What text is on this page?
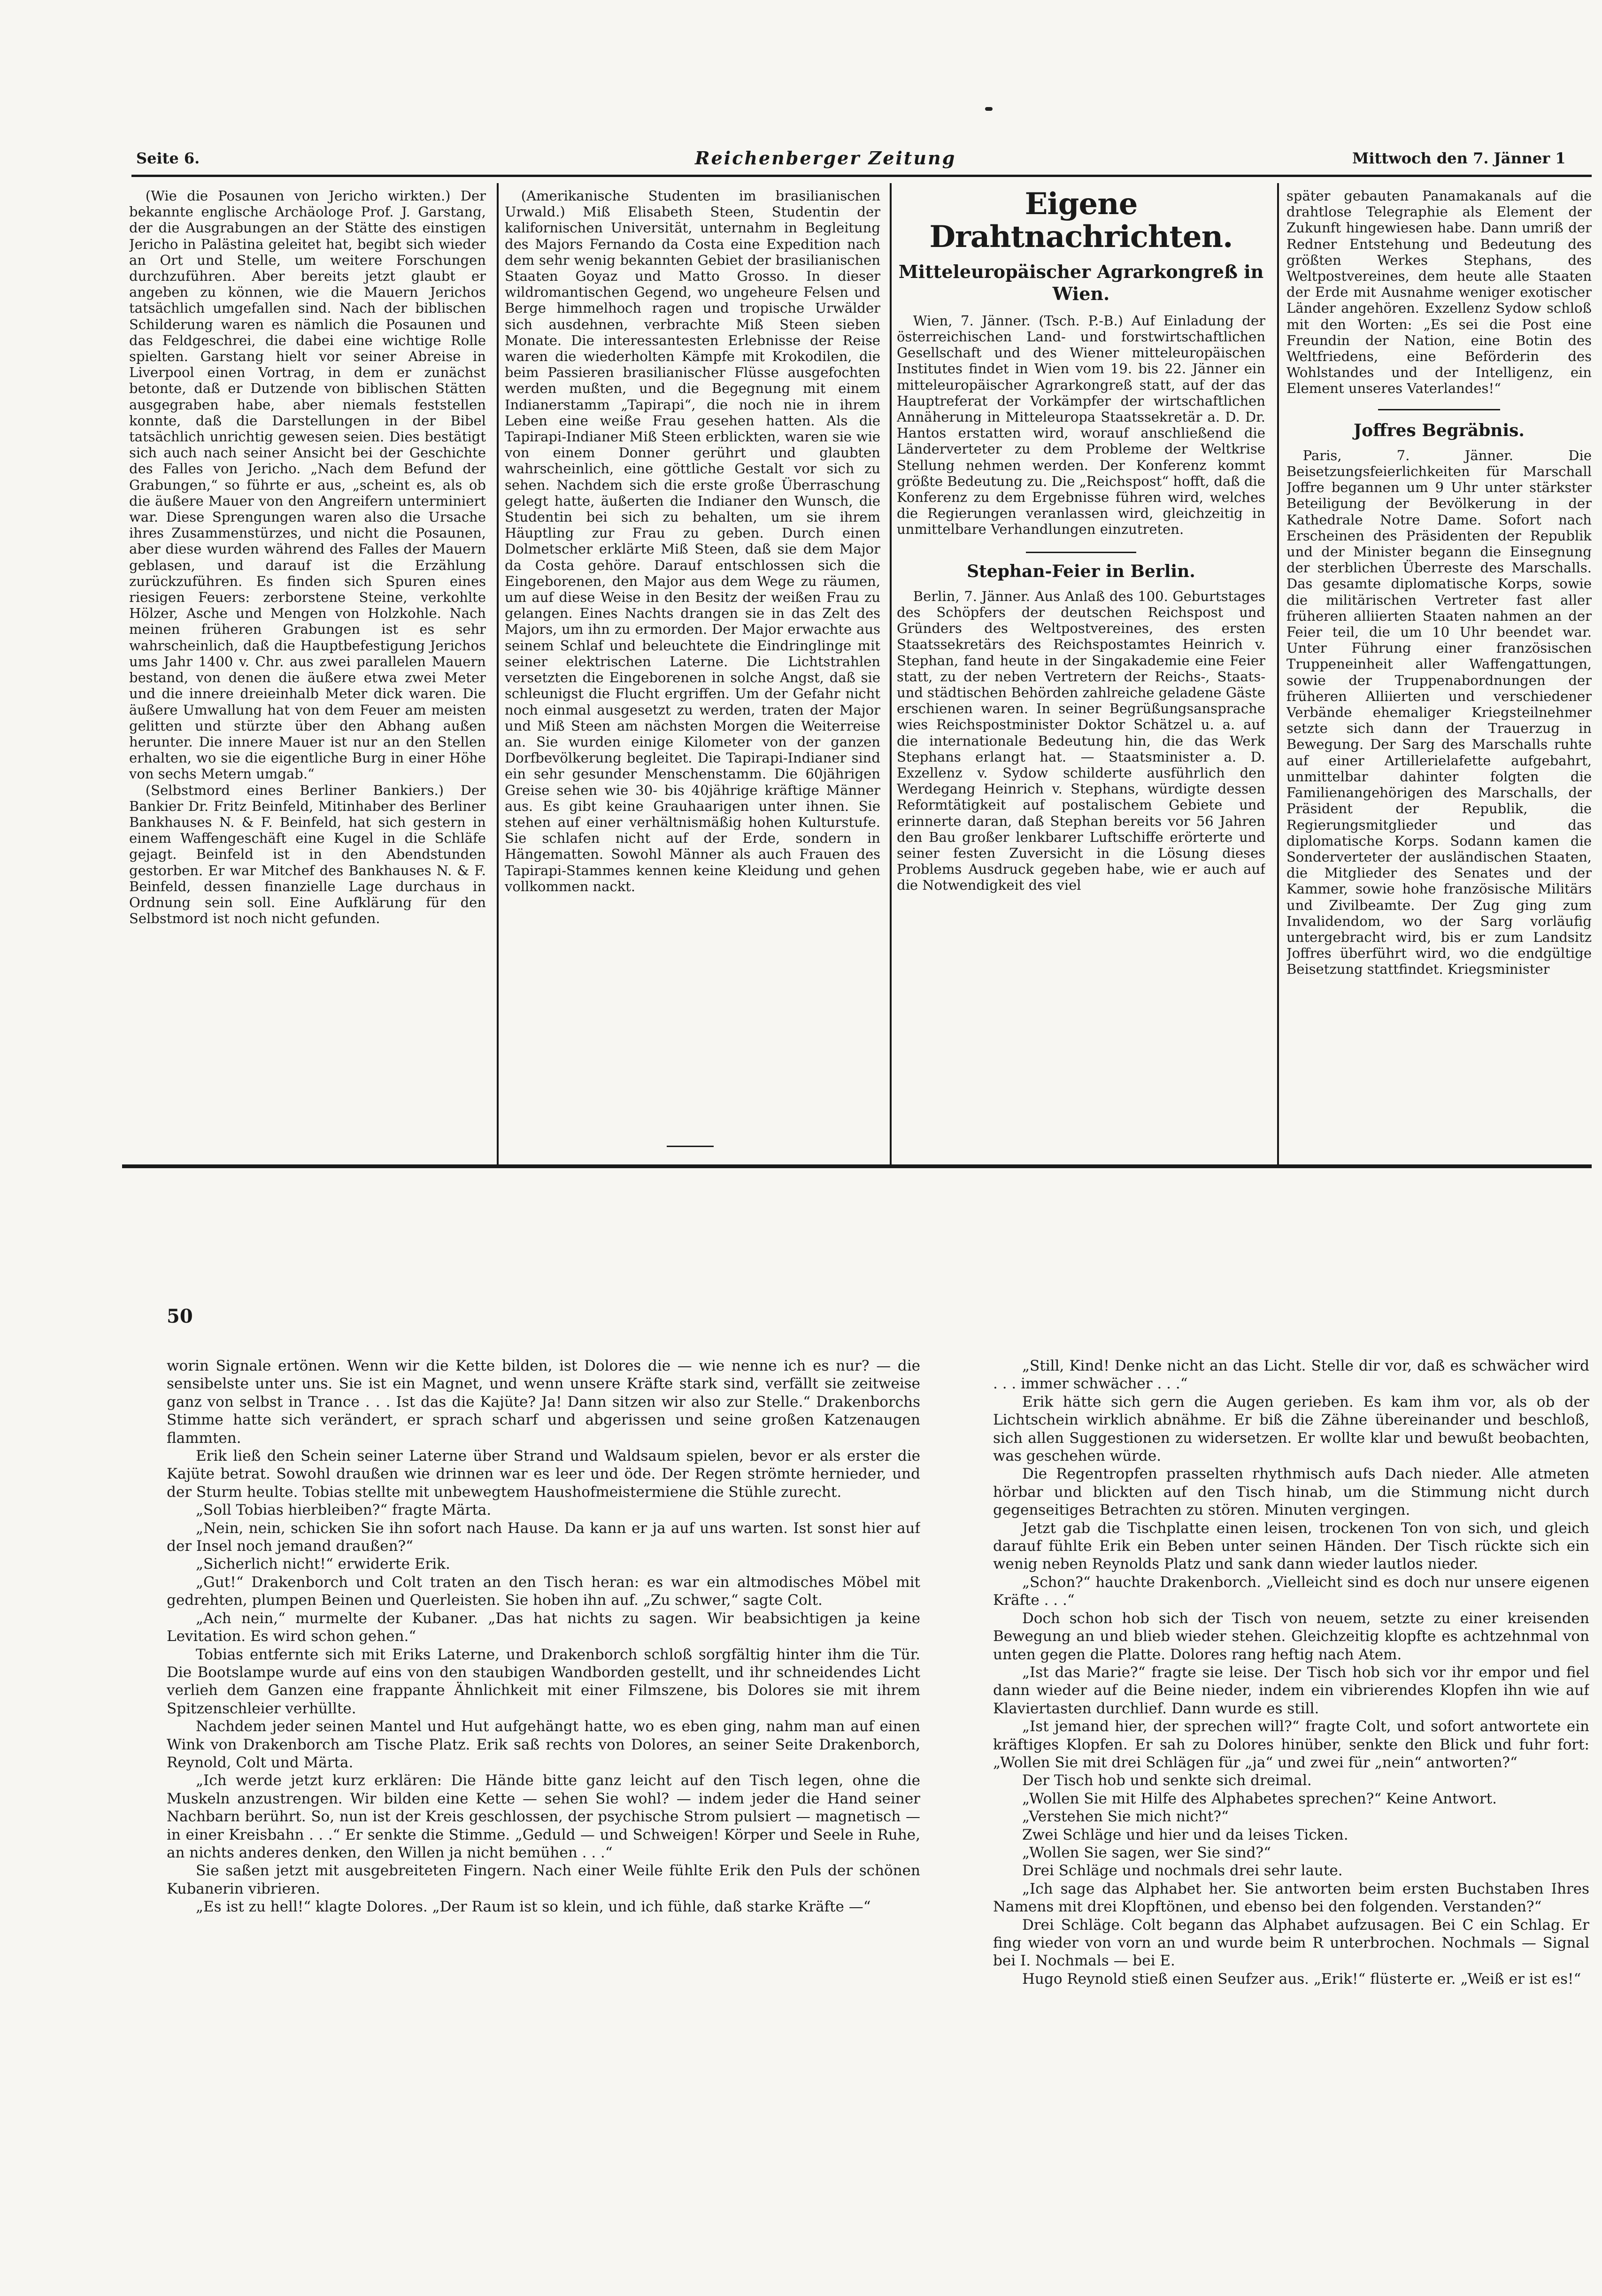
Seite 6.	Reichenberger Zeitung	Mittwoch den 7. Jänner 1

(Wie die Posaunen von Jericho wirkten.) Der bekannte englische Archäologe Prof. J. Garstang, der die Ausgrabungen an der Stätte des einstigen Jericho in Palästina geleitet hat, begibt sich wieder an Ort und Stelle, um weitere Forschungen durchzuführen. Aber bereits jetzt glaubt er angeben zu können, wie die Mauern Jerichos tatsächlich umgefallen sind. Nach der biblischen Schilderung waren es nämlich die Posaunen und das Feldgeschrei, die dabei eine wichtige Rolle spielten. Garstang hielt vor seiner Abreise in Liverpool einen Vortrag, in dem er zunächst betonte, daß er Dutzende von biblischen Stätten ausgegraben habe, aber niemals feststellen konnte, daß die Darstellungen in der Bibel tatsächlich unrichtig gewesen seien. Dies bestätigt sich auch nach seiner Ansicht bei der Geschichte des Falles von Jericho. „Nach dem Befund der Grabungen,“ so führte er aus, „scheint es, als ob die äußere Mauer von den Angreifern unterminiert war. Diese Sprengungen waren also die Ursache ihres Zusammenstürzes, und nicht die Posaunen, aber diese wurden während des Falles der Mauern geblasen, und darauf ist die Erzählung zurückzuführen. Es finden sich Spuren eines riesigen Feuers: zerborstene Steine, verkohlte Hölzer, Asche und Mengen von Holzkohle. Nach meinen früheren Grabungen ist es sehr wahrscheinlich, daß die Hauptbefestigung Jerichos ums Jahr 1400 v. Chr. aus zwei parallelen Mauern bestand, von denen die äußere etwa zwei Meter und die innere dreieinhalb Meter dick waren. Die äußere Umwallung hat von dem Feuer am meisten gelitten und stürzte über den Abhang außen herunter. Die innere Mauer ist nur an den Stellen erhalten, wo sie die eigentliche Burg in einer Höhe von sechs Metern umgab.“

(Selbstmord eines Berliner Bankiers.) Der Bankier Dr. Fritz Beinfeld, Mitinhaber des Berliner Bankhauses N. & F. Beinfeld, hat sich gestern in einem Waffengeschäft eine Kugel in die Schläfe gejagt. Beinfeld ist in den Abendstunden gestorben. Er war Mitchef des Bankhauses N. & F. Beinfeld, dessen finanzielle Lage durchaus in Ordnung sein soll. Eine Aufklärung für den Selbstmord ist noch nicht gefunden.

(Amerikanische Studenten im brasilianischen Urwald.) Miß Elisabeth Steen, Studentin der kalifornischen Universität, unternahm in Begleitung des Majors Fernando da Costa eine Expedition nach dem sehr wenig bekannten Gebiet der brasilianischen Staaten Goyaz und Matto Grosso. In dieser wildromantischen Gegend, wo ungeheure Felsen und Berge himmelhoch ragen und tropische Urwälder sich ausdehnen, verbrachte Miß Steen sieben Monate. Die interessantesten Erlebnisse der Reise waren die wiederholten Kämpfe mit Krokodilen, die beim Passieren brasilianischer Flüsse ausgefochten werden mußten, und die Begegnung mit einem Indianerstamm „Tapirapi“, die noch nie in ihrem Leben eine weiße Frau gesehen hatten. Als die Tapirapi-Indianer Miß Steen erblickten, waren sie wie von einem Donner gerührt und glaubten wahrscheinlich, eine göttliche Gestalt vor sich zu sehen. Nachdem sich die erste große Überraschung gelegt hatte, äußerten die Indianer den Wunsch, die Studentin bei sich zu behalten, um sie ihrem Häuptling zur Frau zu geben. Durch einen Dolmetscher erklärte Miß Steen, daß sie dem Major da Costa gehöre. Darauf entschlossen sich die Eingeborenen, den Major aus dem Wege zu räumen, um auf diese Weise in den Besitz der weißen Frau zu gelangen. Eines Nachts drangen sie in das Zelt des Majors, um ihn zu ermorden. Der Major erwachte aus seinem Schlaf und beleuchtete die Eindringlinge mit seiner elektrischen Laterne. Die Lichtstrahlen versetzten die Eingeborenen in solche Angst, daß sie schleunigst die Flucht ergriffen. Um der Gefahr nicht noch einmal ausgesetzt zu werden, traten der Major und Miß Steen am nächsten Morgen die Weiterreise an. Sie wurden einige Kilometer von der ganzen Dorfbevölkerung begleitet. Die Tapirapi-Indianer sind ein sehr gesunder Menschenstamm. Die 60jährigen Greise sehen wie 30- bis 40jährige kräftige Männer aus. Es gibt keine Grauhaarigen unter ihnen. Sie stehen auf einer verhältnismäßig hohen Kulturstufe. Sie schlafen nicht auf der Erde, sondern in Hängematten. Sowohl Männer als auch Frauen des Tapirapi-Stammes kennen keine Kleidung und gehen vollkommen nackt.

Eigene Drahtnachrichten.
Mitteleuropäischer Agrarkongreß in Wien.

Wien, 7. Jänner. (Tsch. P.-B.) Auf Einladung der österreichischen Land- und forstwirtschaftlichen Gesellschaft und des Wiener mitteleuropäischen Institutes findet in Wien vom 19. bis 22. Jänner ein mitteleuropäischer Agrarkongreß statt, auf der das Hauptreferat der Vorkämpfer der wirtschaftlichen Annäherung in Mitteleuropa Staatssekretär a. D. Dr. Hantos erstatten wird, worauf anschließend die Länderverteter zu dem Probleme der Weltkrise Stellung nehmen werden. Der Konferenz kommt größte Bedeutung zu. Die „Reichspost“ hofft, daß die Konferenz zu dem Ergebnisse führen wird, welches die Regierungen veranlassen wird, gleichzeitig in unmittelbare Verhandlungen einzutreten.

Stephan-Feier in Berlin.

Berlin, 7. Jänner. Aus Anlaß des 100. Geburtstages des Schöpfers der deutschen Reichspost und Gründers des Weltpostvereines, des ersten Staatssekretärs des Reichspostamtes Heinrich v. Stephan, fand heute in der Singakademie eine Feier statt, zu der neben Vertretern der Reichs-, Staats- und städtischen Behörden zahlreiche geladene Gäste erschienen waren. In seiner Begrüßungsansprache wies Reichspostminister Doktor Schätzel u. a. auf die internationale Bedeutung hin, die das Werk Stephans erlangt hat. — Staatsminister a. D. Exzellenz v. Sydow schilderte ausführlich den Werdegang Heinrich v. Stephans, würdigte dessen Reformtätigkeit auf postalischem Gebiete und erinnerte daran, daß Stephan bereits vor 56 Jahren den Bau großer lenkbarer Luftschiffe erörterte und seiner festen Zuversicht in die Lösung dieses Problems Ausdruck gegeben habe, wie er auch auf die Notwendigkeit des viel

später gebauten Panamakanals auf die drahtlose Telegraphie als Element der Zukunft hingewiesen habe. Dann umriß der Redner Entstehung und Bedeutung des größten Werkes Stephans, des Weltpostvereines, dem heute alle Staaten der Erde mit Ausnahme weniger exotischer Länder angehören. Exzellenz Sydow schloß mit den Worten: „Es sei die Post eine Freundin der Nation, eine Botin des Weltfriedens, eine Beförderin des Wohlstandes und der Intelligenz, ein Element unseres Vaterlandes!“

Joffres Begräbnis.

Paris, 7. Jänner. Die Beisetzungsfeierlichkeiten für Marschall Joffre begannen um 9 Uhr unter stärkster Beteiligung der Bevölkerung in der Kathedrale Notre Dame. Sofort nach Erscheinen des Präsidenten der Republik und der Minister begann die Einsegnung der sterblichen Überreste des Marschalls. Das gesamte diplomatische Korps, sowie die militärischen Vertreter fast aller früheren alliierten Staaten nahmen an der Feier teil, die um 10 Uhr beendet war. Unter Führung einer französischen Truppeneinheit aller Waffengattungen, sowie der Truppenabordnungen der früheren Alliierten und verschiedener Verbände ehemaliger Kriegsteilnehmer setzte sich dann der Trauerzug in Bewegung. Der Sarg des Marschalls ruhte auf einer Artillerielafette aufgebahrt, unmittelbar dahinter folgten die Familienangehörigen des Marschalls, der Präsident der Republik, die Regierungsmitglieder und das diplomatische Korps. Sodann kamen die Sonderverteter der ausländischen Staaten, die Mitglieder des Senates und der Kammer, sowie hohe französische Militärs und Zivilbeamte. Der Zug ging zum Invalidendom, wo der Sarg vorläufig untergebracht wird, bis er zum Landsitz Joffres überführt wird, wo die endgültige Beisetzung stattfindet. Kriegsminister

50

worin Signale ertönen. Wenn wir die Kette bilden, ist Dolores die — wie nenne ich es nur? — die sensibelste unter uns. Sie ist ein Magnet, und wenn unsere Kräfte stark sind, verfällt sie zeitweise ganz von selbst in Trance . . . Ist das die Kajüte? Ja! Dann sitzen wir also zur Stelle.“ Drakenborchs Stimme hatte sich verändert, er sprach scharf und abgerissen und seine großen Katzenaugen flammten.

Erik ließ den Schein seiner Laterne über Strand und Waldsaum spielen, bevor er als erster die Kajüte betrat. Sowohl draußen wie drinnen war es leer und öde. Der Regen strömte hernieder, und der Sturm heulte. Tobias stellte mit unbewegtem Haushofmeistermiene die Stühle zurecht.

„Soll Tobias hierbleiben?“ fragte Märta.

„Nein, nein, schicken Sie ihn sofort nach Hause. Da kann er ja auf uns warten. Ist sonst hier auf der Insel noch jemand draußen?“

„Sicherlich nicht!“ erwiderte Erik.

„Gut!“ Drakenborch und Colt traten an den Tisch heran: es war ein altmodisches Möbel mit gedrehten, plumpen Beinen und Querleisten. Sie hoben ihn auf. „Zu schwer,“ sagte Colt.

„Ach nein,“ murmelte der Kubaner. „Das hat nichts zu sagen. Wir beabsichtigen ja keine Levitation. Es wird schon gehen.“

Tobias entfernte sich mit Eriks Laterne, und Drakenborch schloß sorgfältig hinter ihm die Tür. Die Bootslampe wurde auf eins von den staubigen Wandborden gestellt, und ihr schneidendes Licht verlieh dem Ganzen eine frappante Ähnlichkeit mit einer Filmszene, bis Dolores sie mit ihrem Spitzenschleier verhüllte.

Nachdem jeder seinen Mantel und Hut aufgehängt hatte, wo es eben ging, nahm man auf einen Wink von Drakenborch am Tische Platz. Erik saß rechts von Dolores, an seiner Seite Drakenborch, Reynold, Colt und Märta.

„Ich werde jetzt kurz erklären: Die Hände bitte ganz leicht auf den Tisch legen, ohne die Muskeln anzustrengen. Wir bilden eine Kette — sehen Sie wohl? — indem jeder die Hand seiner Nachbarn berührt. So, nun ist der Kreis geschlossen, der psychische Strom pulsiert — magnetisch — in einer Kreisbahn . . .“ Er senkte die Stimme. „Geduld — und Schweigen! Körper und Seele in Ruhe, an nichts anderes denken, den Willen ja nicht bemühen . . .“

Sie saßen jetzt mit ausgebreiteten Fingern. Nach einer Weile fühlte Erik den Puls der schönen Kubanerin vibrieren.

„Es ist zu hell!“ klagte Dolores. „Der Raum ist so klein, und ich fühle, daß starke Kräfte —“

„Still, Kind! Denke nicht an das Licht. Stelle dir vor, daß es schwächer wird . . . immer schwächer . . .“

Erik hätte sich gern die Augen gerieben. Es kam ihm vor, als ob der Lichtschein wirklich abnähme. Er biß die Zähne übereinander und beschloß, sich allen Suggestionen zu widersetzen. Er wollte klar und bewußt beobachten, was geschehen würde.

Die Regentropfen prasselten rhythmisch aufs Dach nieder. Alle atmeten hörbar und blickten auf den Tisch hinab, um die Stimmung nicht durch gegenseitiges Betrachten zu stören. Minuten vergingen.

Jetzt gab die Tischplatte einen leisen, trockenen Ton von sich, und gleich darauf fühlte Erik ein Beben unter seinen Händen. Der Tisch rückte sich ein wenig neben Reynolds Platz und sank dann wieder lautlos nieder.

„Schon?“ hauchte Drakenborch. „Vielleicht sind es doch nur unsere eigenen Kräfte . . .“

Doch schon hob sich der Tisch von neuem, setzte zu einer kreisenden Bewegung an und blieb wieder stehen. Gleichzeitig klopfte es achtzehnmal von unten gegen die Platte. Dolores rang heftig nach Atem.

„Ist das Marie?“ fragte sie leise. Der Tisch hob sich vor ihr empor und fiel dann wieder auf die Beine nieder, indem ein vibrierendes Klopfen ihn wie auf Klaviertasten durchlief. Dann wurde es still.

„Ist jemand hier, der sprechen will?“ fragte Colt, und sofort antwortete ein kräftiges Klopfen. Er sah zu Dolores hinüber, senkte den Blick und fuhr fort: „Wollen Sie mit drei Schlägen für „ja“ und zwei für „nein“ antworten?“

Der Tisch hob und senkte sich dreimal.

„Wollen Sie mit Hilfe des Alphabetes sprechen?“ Keine Antwort.

„Verstehen Sie mich nicht?“

Zwei Schläge und hier und da leises Ticken.

„Wollen Sie sagen, wer Sie sind?“

Drei Schläge und nochmals drei sehr laute.

„Ich sage das Alphabet her. Sie antworten beim ersten Buchstaben Ihres Namens mit drei Klopftönen, und ebenso bei den folgenden. Verstanden?“

Drei Schläge. Colt begann das Alphabet aufzusagen. Bei C ein Schlag. Er fing wieder von vorn an und wurde beim R unterbrochen. Nochmals — Signal bei I. Nochmals — bei E.

Hugo Reynold stieß einen Seufzer aus. „Erik!“ flüsterte er. „Weiß er ist es!“
